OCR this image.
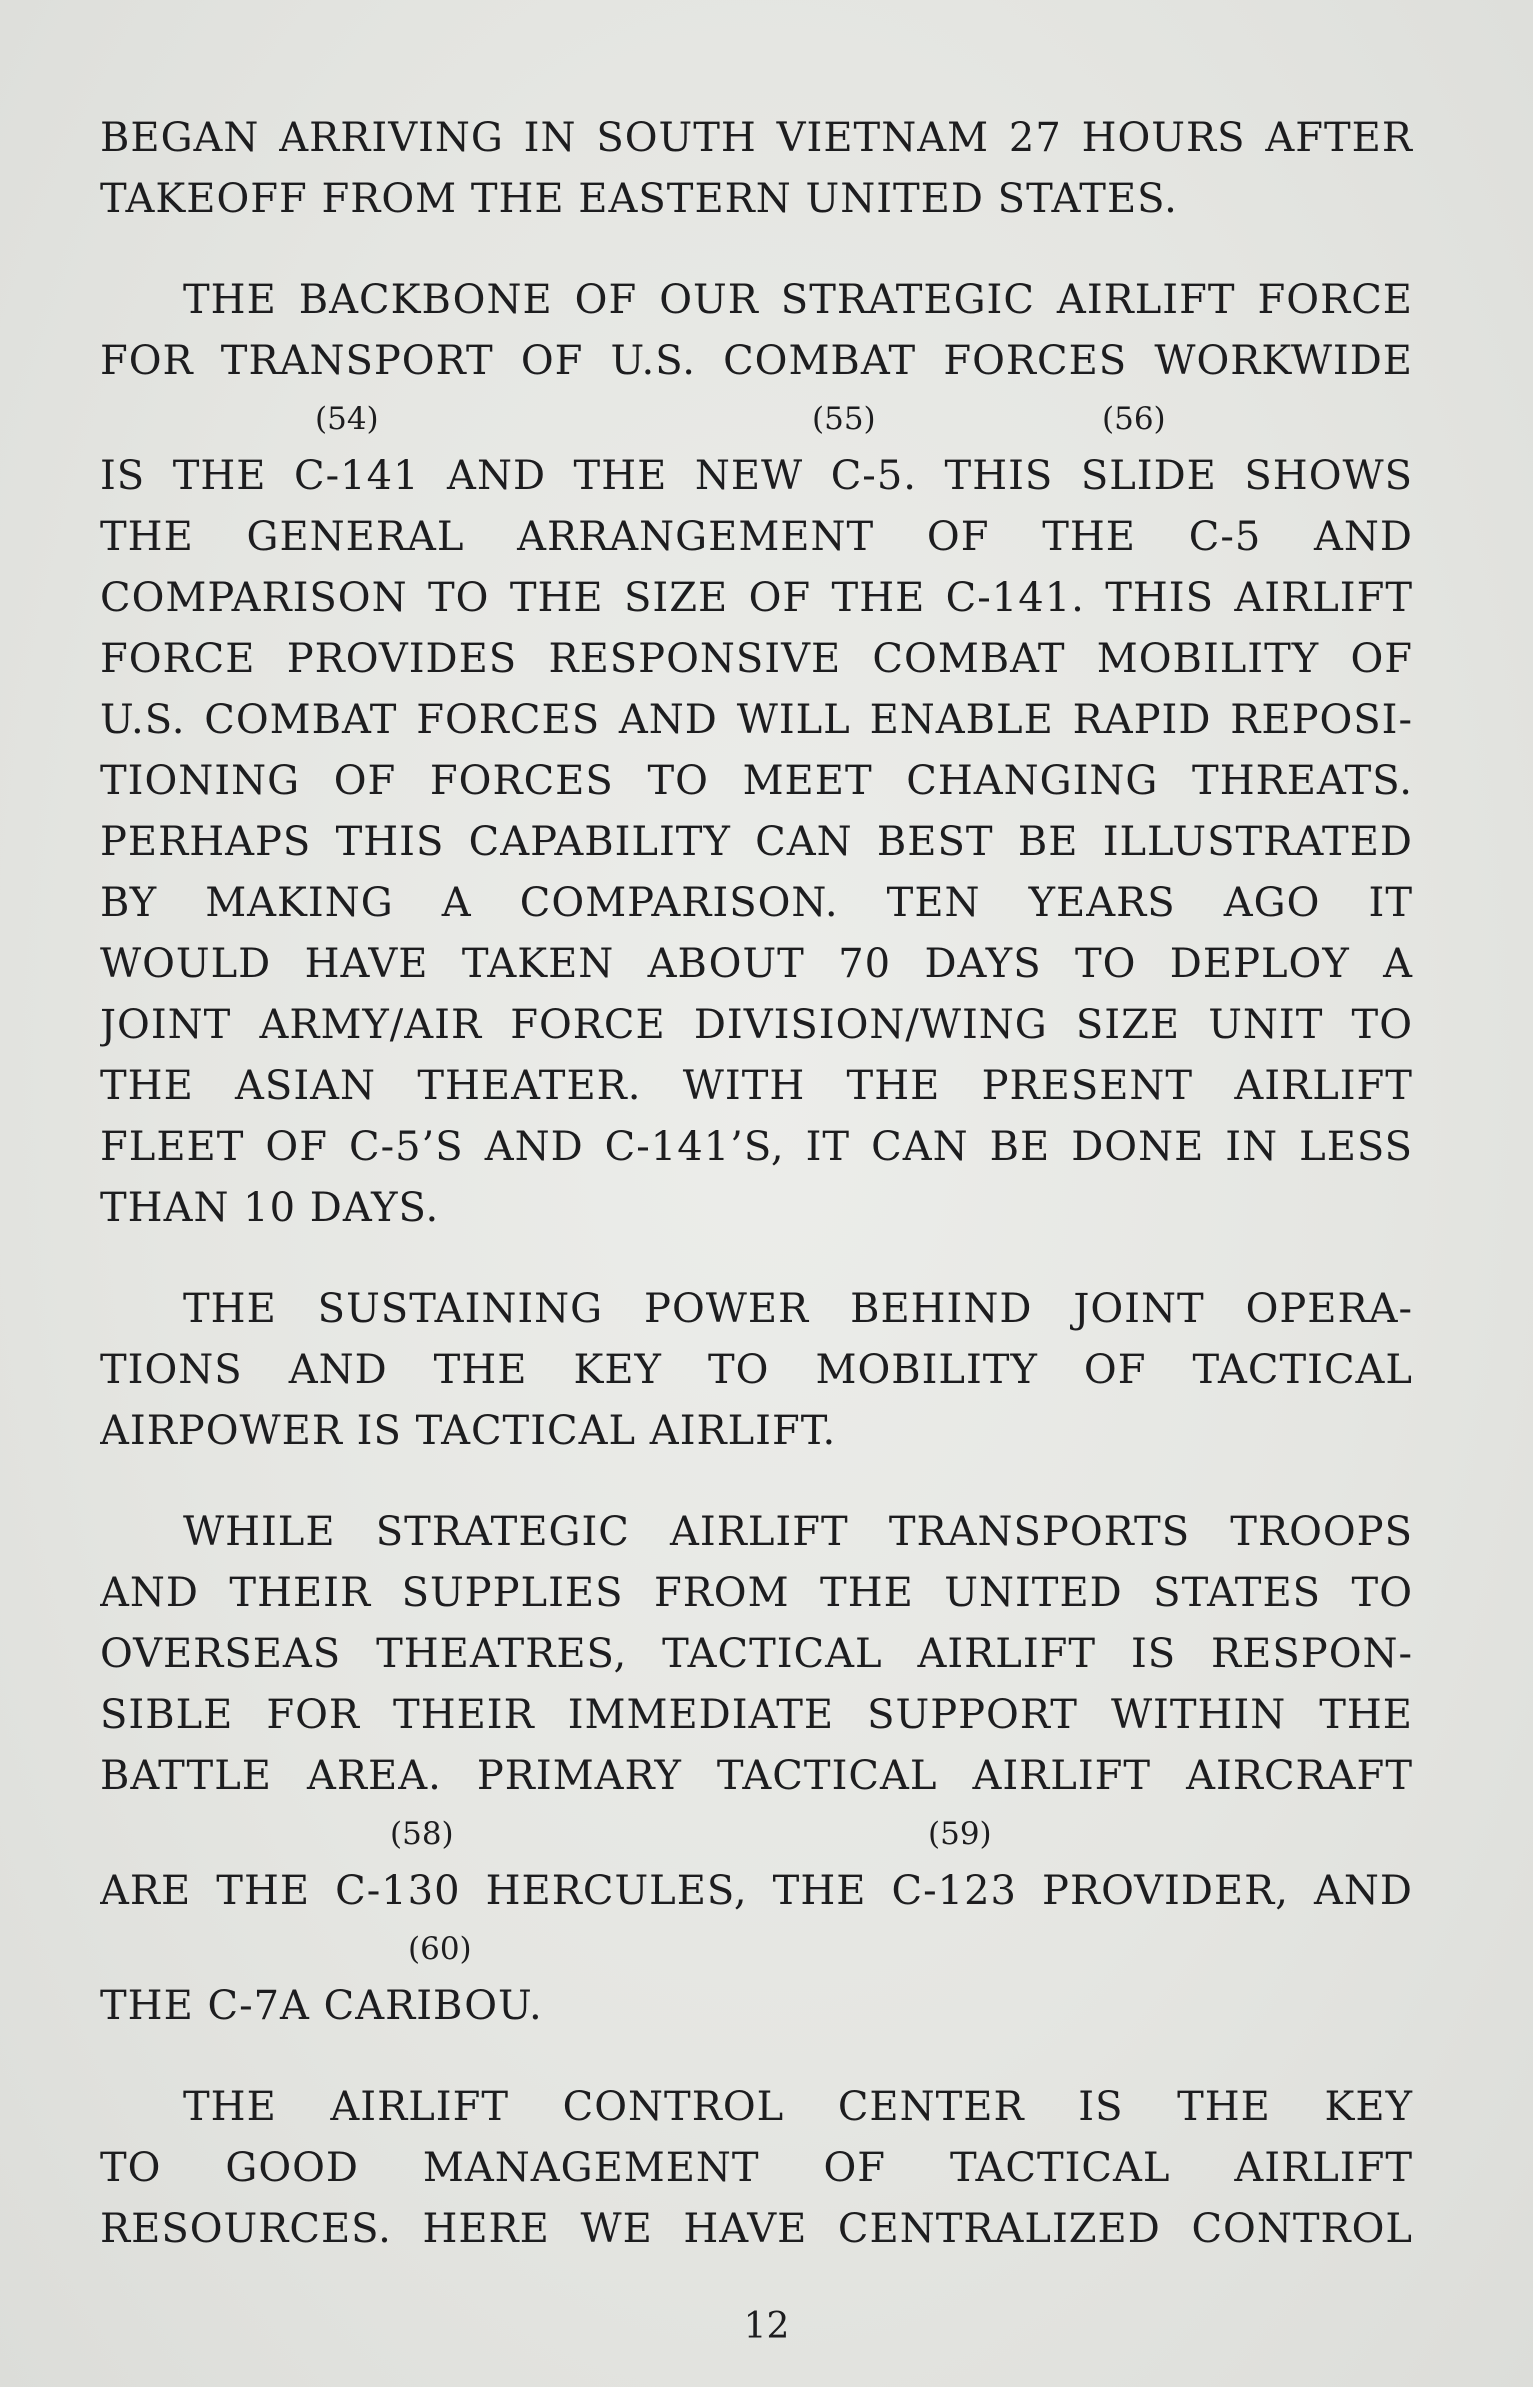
BEGAN ARRIVING IN SOUTH VIETNAM 27 HOURS AFTER
TAKEOFF FROM THE EASTERN UNITED STATES.
THE BACKBONE OF OUR STRATEGIC AIRLIFT FORCE
FOR TRANSPORT OF U.S. COMBAT FORCES WORKWIDE
(54)	(55)	(56)
IS THE C-141 AND THE NEW C-5. THIS SLIDE SHOWS
THE GENERAL ARRANGEMENT OF THE C-5 AND
COMPARISON TO THE SIZE OF THE C-141. THIS AIRLIFT
FORCE PROVIDES RESPONSIVE COMBAT MOBILITY OF
U.S. COMBAT FORCES AND WILL ENABLE RAPID REPOSI-
TIONING OF FORCES TO MEET CHANGING THREATS.
PERHAPS THIS CAPABILITY CAN BEST BE ILLUSTRATED
BY MAKING A COMPARISON. TEN YEARS AGO IT
WOULD HAVE TAKEN ABOUT 70 DAYS TO DEPLOY A
JOINT ARMY/AIR FORCE DIVISION/WING SIZE UNIT TO
THE ASIAN THEATER. WITH THE PRESENT AIRLIFT
FLEET OF C-5’S AND C-141’S, IT CAN BE DONE IN LESS
THAN 10 DAYS.
THE SUSTAINING POWER BEHIND JOINT OPERA-
TIONS AND THE KEY TO MOBILITY OF TACTICAL
AIRPOWER IS TACTICAL AIRLIFT.
WHILE STRATEGIC AIRLIFT TRANSPORTS TROOPS
AND THEIR SUPPLIES FROM THE UNITED STATES TO
OVERSEAS THEATRES, TACTICAL AIRLIFT IS RESPON-
SIBLE FOR THEIR IMMEDIATE SUPPORT WITHIN THE
BATTLE AREA. PRIMARY TACTICAL AIRLIFT AIRCRAFT
(58)	(59)
ARE THE C-130 HERCULES, THE C-123 PROVIDER, AND
(60)
THE C-7A CARIBOU.
THE AIRLIFT CONTROL CENTER IS THE KEY
TO GOOD MANAGEMENT OF TACTICAL AIRLIFT
RESOURCES. HERE WE HAVE CENTRALIZED CONTROL
12
